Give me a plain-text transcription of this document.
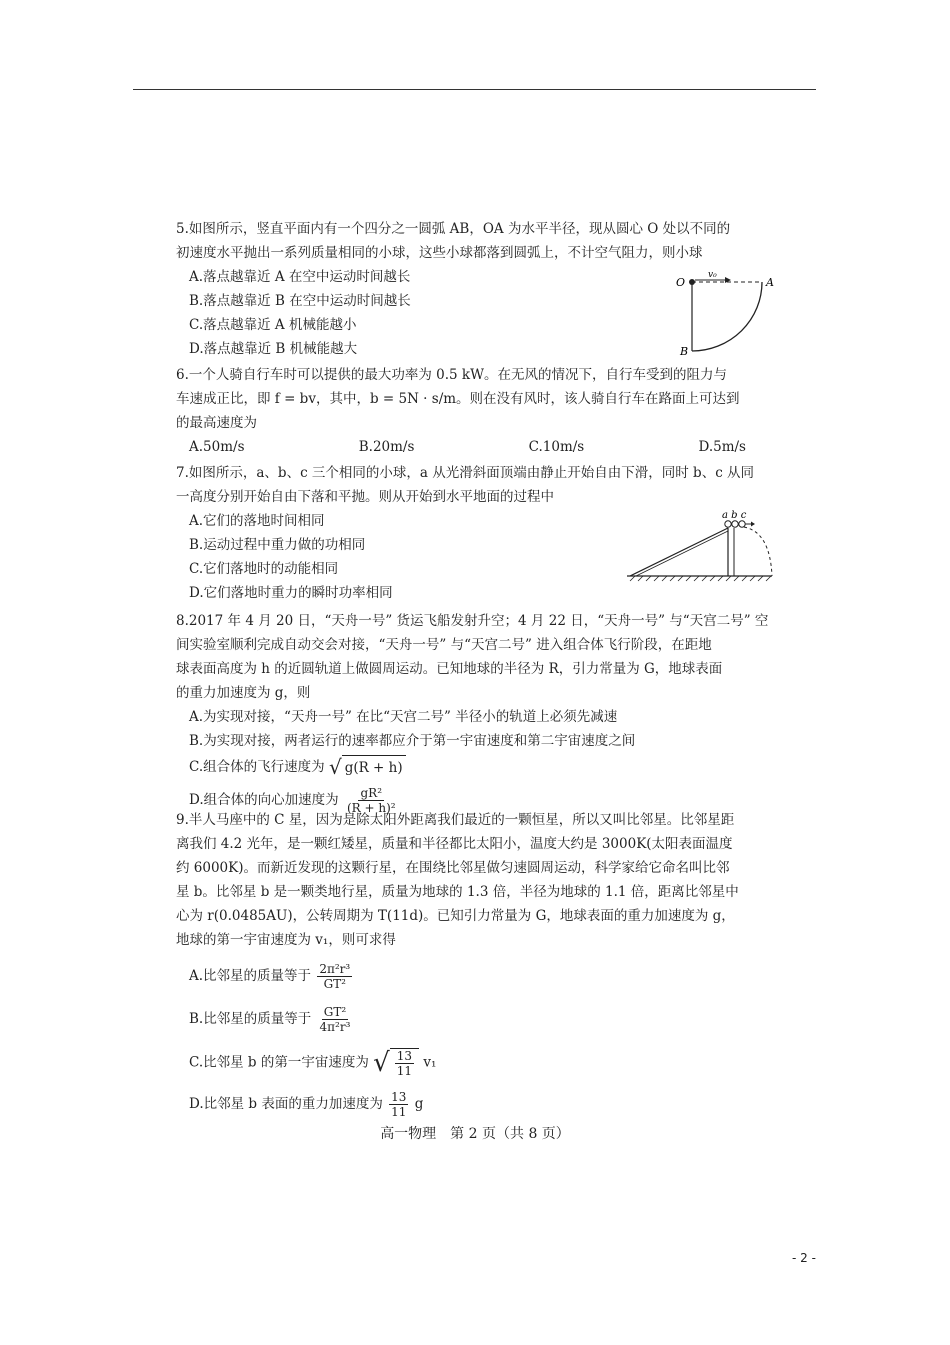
5.如图所示，竖直平面内有一个四分之一圆弧 AB，OA 为水平半径，现从圆心 O 处以不同的

初速度水平抛出一系列质量相同的小球，这些小球都落到圆弧上，不计空气阻力，则小球

A.落点越靠近 A 在空中运动时间越长

B.落点越靠近 B 在空中运动时间越长

C.落点越靠近 A 机械能越小

D.落点越靠近 B 机械能越大

O
v₀
A
B

6.一个人骑自行车时可以提供的最大功率为 0.5 kW。在无风的情况下，自行车受到的阻力与

车速成正比，即 f = bv，其中，b = 5N · s/m。则在没有风时，该人骑自行车在路面上可达到

的最高速度为

A.50m/s	B.20m/s	C.10m/s	D.5m/s

7.如图所示，a、b、c 三个相同的小球，a 从光滑斜面顶端由静止开始自由下滑，同时 b、c 从同

一高度分别开始自由下落和平抛。则从开始到水平地面的过程中

A.它们的落地时间相同

B.运动过程中重力做的功相同

C.它们落地时的动能相同

D.它们落地时重力的瞬时功率相同

a b c

8.2017 年 4 月 20 日，“天舟一号” 货运飞船发射升空；4 月 22 日，“天舟一号” 与“天宫二号” 空

间实验室顺利完成自动交会对接，“天舟一号” 与“天宫二号” 进入组合体飞行阶段，在距地

球表面高度为 h 的近圆轨道上做圆周运动。已知地球的半径为 R，引力常量为 G，地球表面

的重力加速度为 g，则

A.为实现对接，“天舟一号” 在比“天宫二号” 半径小的轨道上必须先减速

B.为实现对接，两者运行的速率都应介于第一宇宙速度和第二宇宙速度之间

C.组合体的飞行速度为 √ g(R + h)

D.组合体的向心加速度为 $\frac{\text{gR²}}{\text{(R + h)²}}$

9.半人马座中的 C 星，因为是除太阳外距离我们最近的一颗恒星，所以又叫比邻星。比邻星距

离我们 4.2 光年，是一颗红矮星，质量和半径都比太阳小，温度大约是 3000K(太阳表面温度

约 6000K)。而新近发现的这颗行星，在围绕比邻星做匀速圆周运动，科学家给它命名叫比邻

星 b。比邻星 b 是一颗类地行星，质量为地球的 1.3 倍，半径为地球的 1.1 倍，距离比邻星中

心为 r(0.0485AU)，公转周期为 T(11d)。已知引力常量为 G，地球表面的重力加速度为 g，

地球的第一宇宙速度为 v₁，则可求得

A.比邻星的质量等于 $\frac{\text{2π²r³}}{\text{GT²}}$

B.比邻星的质量等于 $\frac{\text{GT²}}{\text{4π²r³}}$

C.比邻星 b 的第一宇宙速度为 √ $\frac{13}{11} v_1$

D.比邻星 b 表面的重力加速度为 $\frac{13}{11}$ g

高一物理　第 2 页（共 8 页）
- 2 -
